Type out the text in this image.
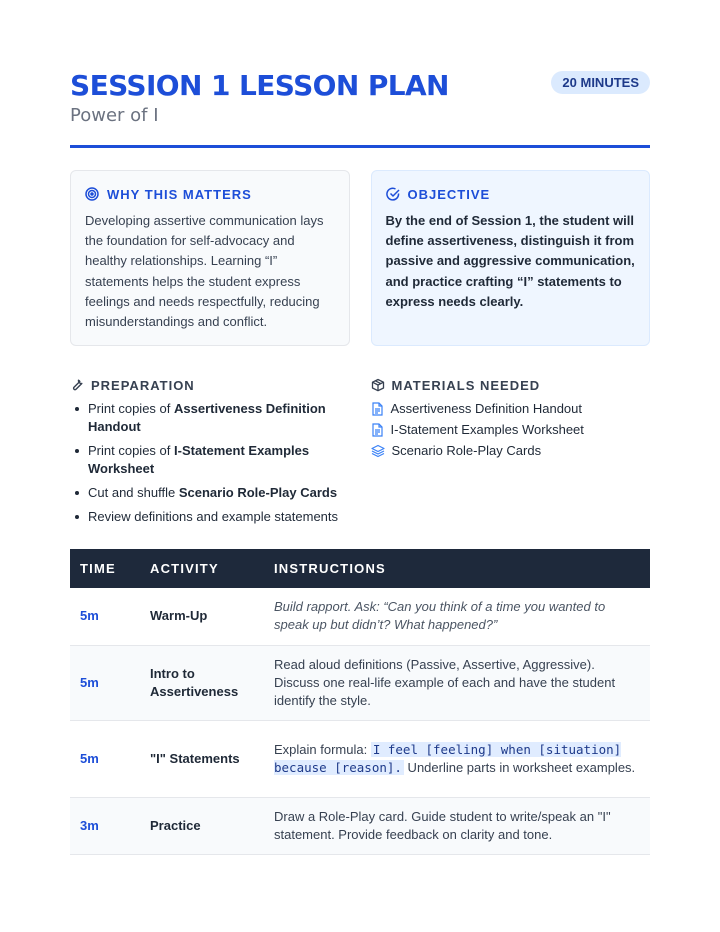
SESSION 1 LESSON PLAN
Power of I
20 MINUTES
WHY THIS MATTERS
Developing assertive communication lays the foundation for self-advocacy and healthy relationships. Learning “I” statements helps the student express feelings and needs respectfully, reducing misunderstandings and conflict.
OBJECTIVE
By the end of Session 1, the student will define assertiveness, distinguish it from passive and aggressive communication, and practice crafting “I” statements to express needs clearly.
PREPARATION
Print copies of Assertiveness Definition Handout
Print copies of I-Statement Examples Worksheet
Cut and shuffle Scenario Role-Play Cards
Review definitions and example statements
MATERIALS NEEDED
Assertiveness Definition Handout
I-Statement Examples Worksheet
Scenario Role-Play Cards
TIME	ACTIVITY	INSTRUCTIONS
5m	Warm-Up	Build rapport. Ask: “Can you think of a time you wanted to speak up but didn’t? What happened?”
5m	Intro to Assertiveness	Read aloud definitions (Passive, Assertive, Aggressive). Discuss one real-life example of each and have the student identify the style.
5m	"I" Statements	Explain formula: I feel [feeling] when [situation] because [reason]. Underline parts in worksheet examples.
3m	Practice	Draw a Role-Play card. Guide student to write/speak an "I" statement. Provide feedback on clarity and tone.
